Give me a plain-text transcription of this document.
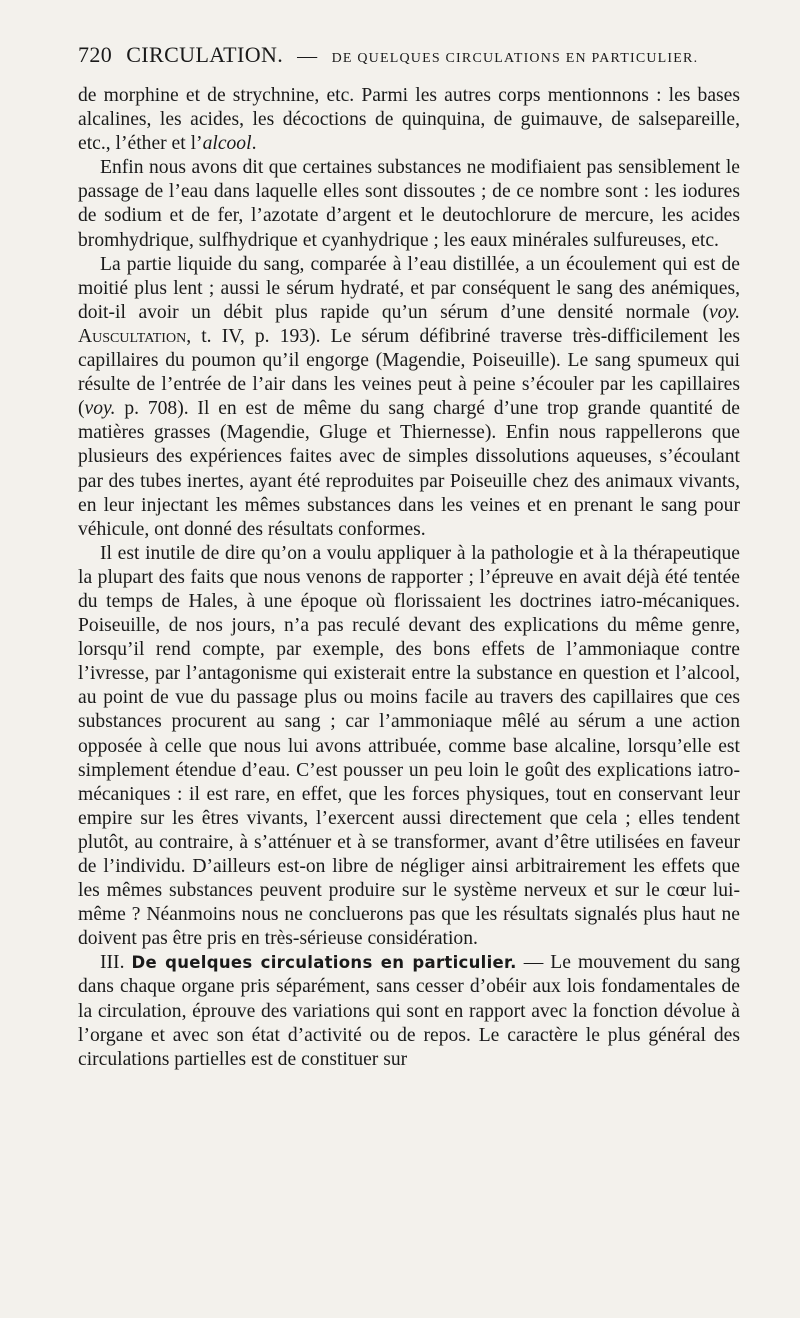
720 CIRCULATION. — DE QUELQUES CIRCULATIONS EN PARTICULIER.

de morphine et de strychnine, etc. Parmi les autres corps mentionnons : les bases alcalines, les acides, les décoctions de quinquina, de guimauve, de salsepareille, etc., l’éther et l’alcool.

Enfin nous avons dit que certaines substances ne modifiaient pas sensiblement le passage de l’eau dans laquelle elles sont dissoutes ; de ce nombre sont : les iodures de sodium et de fer, l’azotate d’argent et le deutochlorure de mercure, les acides bromhydrique, sulfhydrique et cyanhydrique ; les eaux minérales sulfureuses, etc.

La partie liquide du sang, comparée à l’eau distillée, a un écoulement qui est de moitié plus lent ; aussi le sérum hydraté, et par conséquent le sang des anémiques, doit-il avoir un débit plus rapide qu’un sérum d’une densité normale (voy. Auscultation, t. IV, p. 193). Le sérum défibriné traverse très-difficilement les capillaires du poumon qu’il engorge (Magendie, Poiseuille). Le sang spumeux qui résulte de l’entrée de l’air dans les veines peut à peine s’écouler par les capillaires (voy. p. 708). Il en est de même du sang chargé d’une trop grande quantité de matières grasses (Magendie, Gluge et Thiernesse). Enfin nous rappellerons que plusieurs des expériences faites avec de simples dissolutions aqueuses, s’écoulant par des tubes inertes, ayant été reproduites par Poiseuille chez des animaux vivants, en leur injectant les mêmes substances dans les veines et en prenant le sang pour véhicule, ont donné des résultats conformes.

Il est inutile de dire qu’on a voulu appliquer à la pathologie et à la thérapeutique la plupart des faits que nous venons de rapporter ; l’épreuve en avait déjà été tentée du temps de Hales, à une époque où florissaient les doctrines iatro-mécaniques. Poiseuille, de nos jours, n’a pas reculé devant des explications du même genre, lorsqu’il rend compte, par exemple, des bons effets de l’ammoniaque contre l’ivresse, par l’antagonisme qui existerait entre la substance en question et l’alcool, au point de vue du passage plus ou moins facile au travers des capillaires que ces substances procurent au sang ; car l’ammoniaque mêlé au sérum a une action opposée à celle que nous lui avons attribuée, comme base alcaline, lorsqu’elle est simplement étendue d’eau. C’est pousser un peu loin le goût des explications iatro-mécaniques : il est rare, en effet, que les forces physiques, tout en conservant leur empire sur les êtres vivants, l’exercent aussi directement que cela ; elles tendent plutôt, au contraire, à s’atténuer et à se transformer, avant d’être utilisées en faveur de l’individu. D’ailleurs est-on libre de négliger ainsi arbitrairement les effets que les mêmes substances peuvent produire sur le système nerveux et sur le cœur lui-même ? Néanmoins nous ne concluerons pas que les résultats signalés plus haut ne doivent pas être pris en très-sérieuse considération.

III. De quelques circulations en particulier. — Le mouvement du sang dans chaque organe pris séparément, sans cesser d’obéir aux lois fondamentales de la circulation, éprouve des variations qui sont en rapport avec la fonction dévolue à l’organe et avec son état d’activité ou de repos. Le caractère le plus général des circulations partielles est de constituer sur
